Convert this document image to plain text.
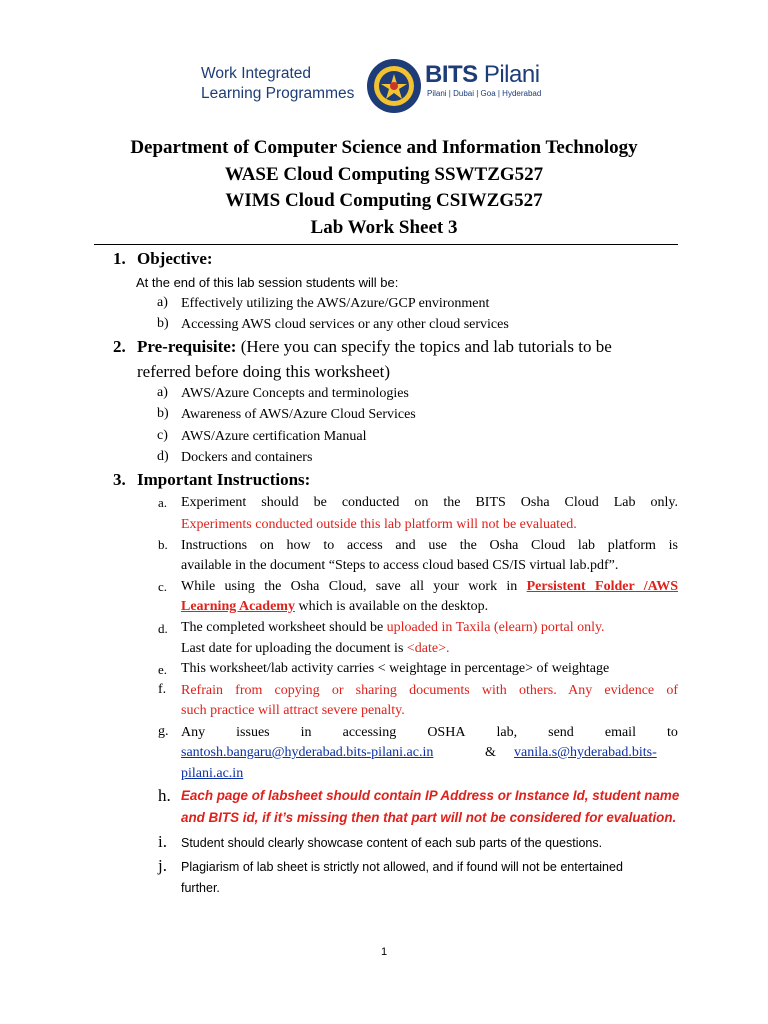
Work Integrated
Learning Programmes
BITS Pilani
Pilani | Dubai | Goa | Hyderabad
Department of Computer Science and Information Technology
WASE Cloud Computing SSWTZG527
WIMS Cloud Computing CSIWZG527
Lab Work Sheet 3
1. Objective:
At the end of this lab session students will be:
a) Effectively utilizing the AWS/Azure/GCP environment
b) Accessing AWS cloud services or any other cloud services
2. Pre-requisite: (Here you can specify the topics and lab tutorials to be
referred before doing this worksheet)
a) AWS/Azure Concepts and terminologies
b) Awareness of AWS/Azure Cloud Services
c) AWS/Azure certification Manual
d) Dockers and containers
3. Important Instructions:
a. Experiment should be conducted on the BITS Osha Cloud Lab only.
Experiments conducted outside this lab platform will not be evaluated.
b. Instructions on how to access and use the Osha Cloud lab platform is
available in the document “Steps to access cloud based CS/IS virtual lab.pdf”.
c. While using the Osha Cloud, save all your work in Persistent Folder /AWS
Learning Academy which is available on the desktop.
d. The completed worksheet should be uploaded in Taxila (elearn) portal only.
Last date for uploading the document is <date>.
e. This worksheet/lab activity carries < weightage in percentage> of weightage
f. Refrain from copying or sharing documents with others. Any evidence of
such practice will attract severe penalty.
g. Any issues in accessing OSHA lab, send email to
santosh.bangaru@hyderabad.bits-pilani.ac.in	& vanila.s@hyderabad.bits-
pilani.ac.in
h. Each page of labsheet should contain IP Address or Instance Id, student name
and BITS id, if it’s missing then that part will not be considered for evaluation.
i. Student should clearly showcase content of each sub parts of the questions.
j. Plagiarism of lab sheet is strictly not allowed, and if found will not be entertained
further.
1
